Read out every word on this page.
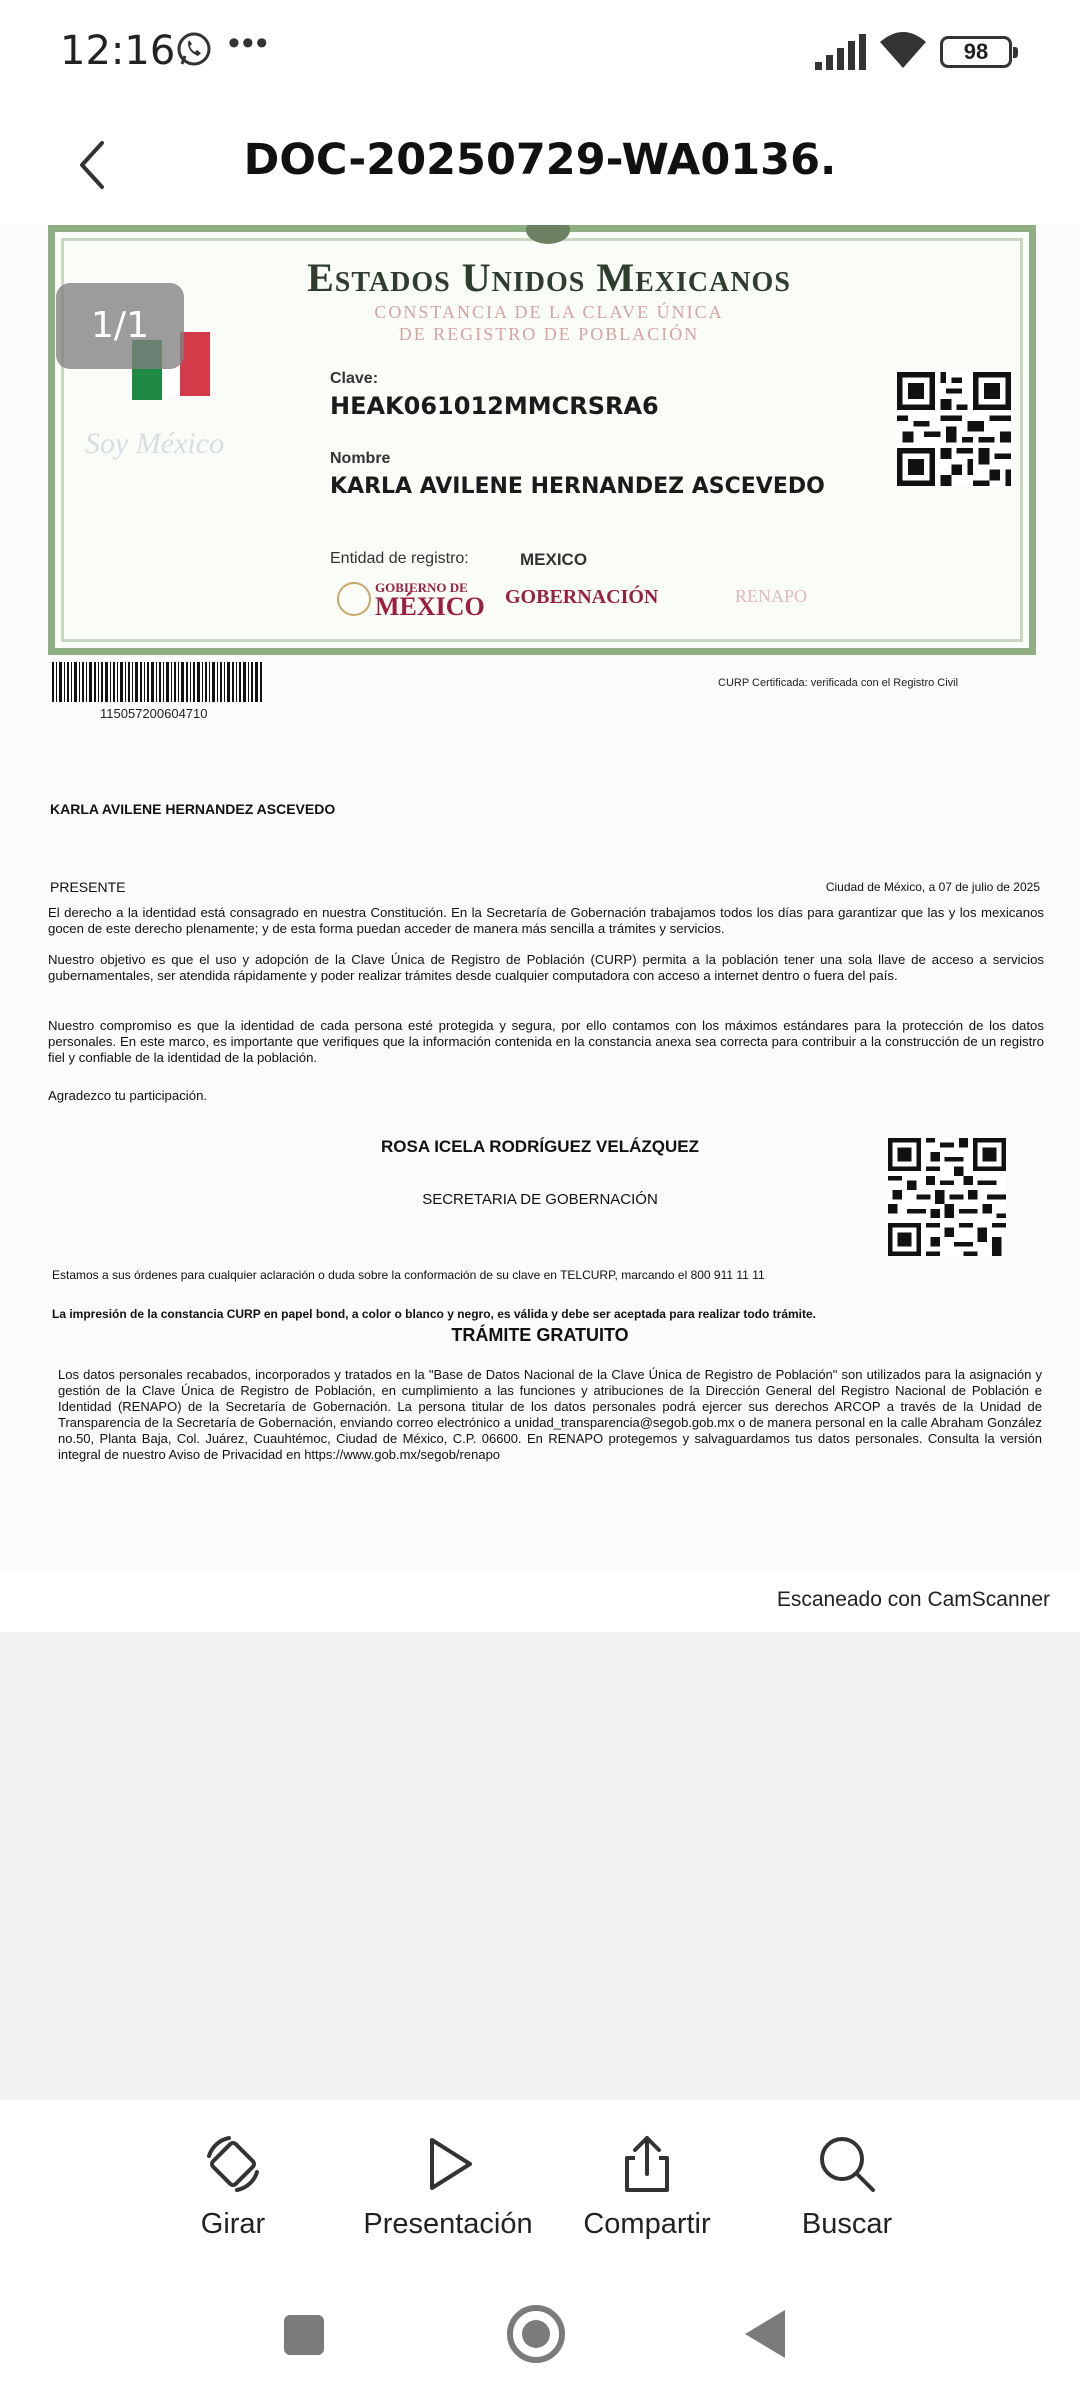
12:16 •••	98
DOC-20250729-WA0136.
Estados Unidos Mexicanos
CONSTANCIA DE LA CLAVE ÚNICA
DE REGISTRO DE POBLACIÓN
Soy México
Clave:
HEAK061012MMCRSRA6
Nombre
KARLA AVILENE HERNANDEZ ASCEVEDO
Entidad de registro:	MEXICO
GOBIERNO DE
MÉXICO GOBERNACIÓN	RENAPO
115057200604710
CURP Certificada: verificada con el Registro Civil
KARLA AVILENE HERNANDEZ ASCEVEDO
PRESENTE	Ciudad de México, a 07 de julio de 2025
El derecho a la identidad está consagrado en nuestra Constitución. En la Secretaría de Gobernación trabajamos todos los días para garantizar que las y los mexicanos gocen de este derecho plenamente; y de esta forma puedan acceder de manera más sencilla a trámites y servicios.
Nuestro objetivo es que el uso y adopción de la Clave Única de Registro de Población (CURP) permita a la población tener una sola llave de acceso a servicios gubernamentales, ser atendida rápidamente y poder realizar trámites desde cualquier computadora con acceso a internet dentro o fuera del país.
Nuestro compromiso es que la identidad de cada persona esté protegida y segura, por ello contamos con los máximos estándares para la protección de los datos personales. En este marco, es importante que verifiques que la información contenida en la constancia anexa sea correcta para contribuir a la construcción de un registro fiel y confiable de la identidad de la población.
Agradezco tu participación.
ROSA ICELA RODRÍGUEZ VELÁZQUEZ
SECRETARIA DE GOBERNACIÓN
Estamos a sus órdenes para cualquier aclaración o duda sobre la conformación de su clave en TELCURP, marcando el 800 911 11 11
La impresión de la constancia CURP en papel bond, a color o blanco y negro, es válida y debe ser aceptada para realizar todo trámite.
TRÁMITE GRATUITO
Los datos personales recabados, incorporados y tratados en la "Base de Datos Nacional de la Clave Única de Registro de Población" son utilizados para la asignación y gestión de la Clave Única de Registro de Población, en cumplimiento a las funciones y atribuciones de la Dirección General del Registro Nacional de Población e Identidad (RENAPO) de la Secretaría de Gobernación. La persona titular de los datos personales podrá ejercer sus derechos ARCOP a través de la Unidad de Transparencia de la Secretaría de Gobernación, enviando correo electrónico a unidad_transparencia@segob.gob.mx o de manera personal en la calle Abraham González no.50, Planta Baja, Col. Juárez, Cuauhtémoc, Ciudad de México, C.P. 06600. En RENAPO protegemos y salvaguardamos tus datos personales. Consulta la versión integral de nuestro Aviso de Privacidad en https://www.gob.mx/segob/renapo
1/1
Escaneado con CamScanner
Girar	Presentación	Compartir	Buscar
